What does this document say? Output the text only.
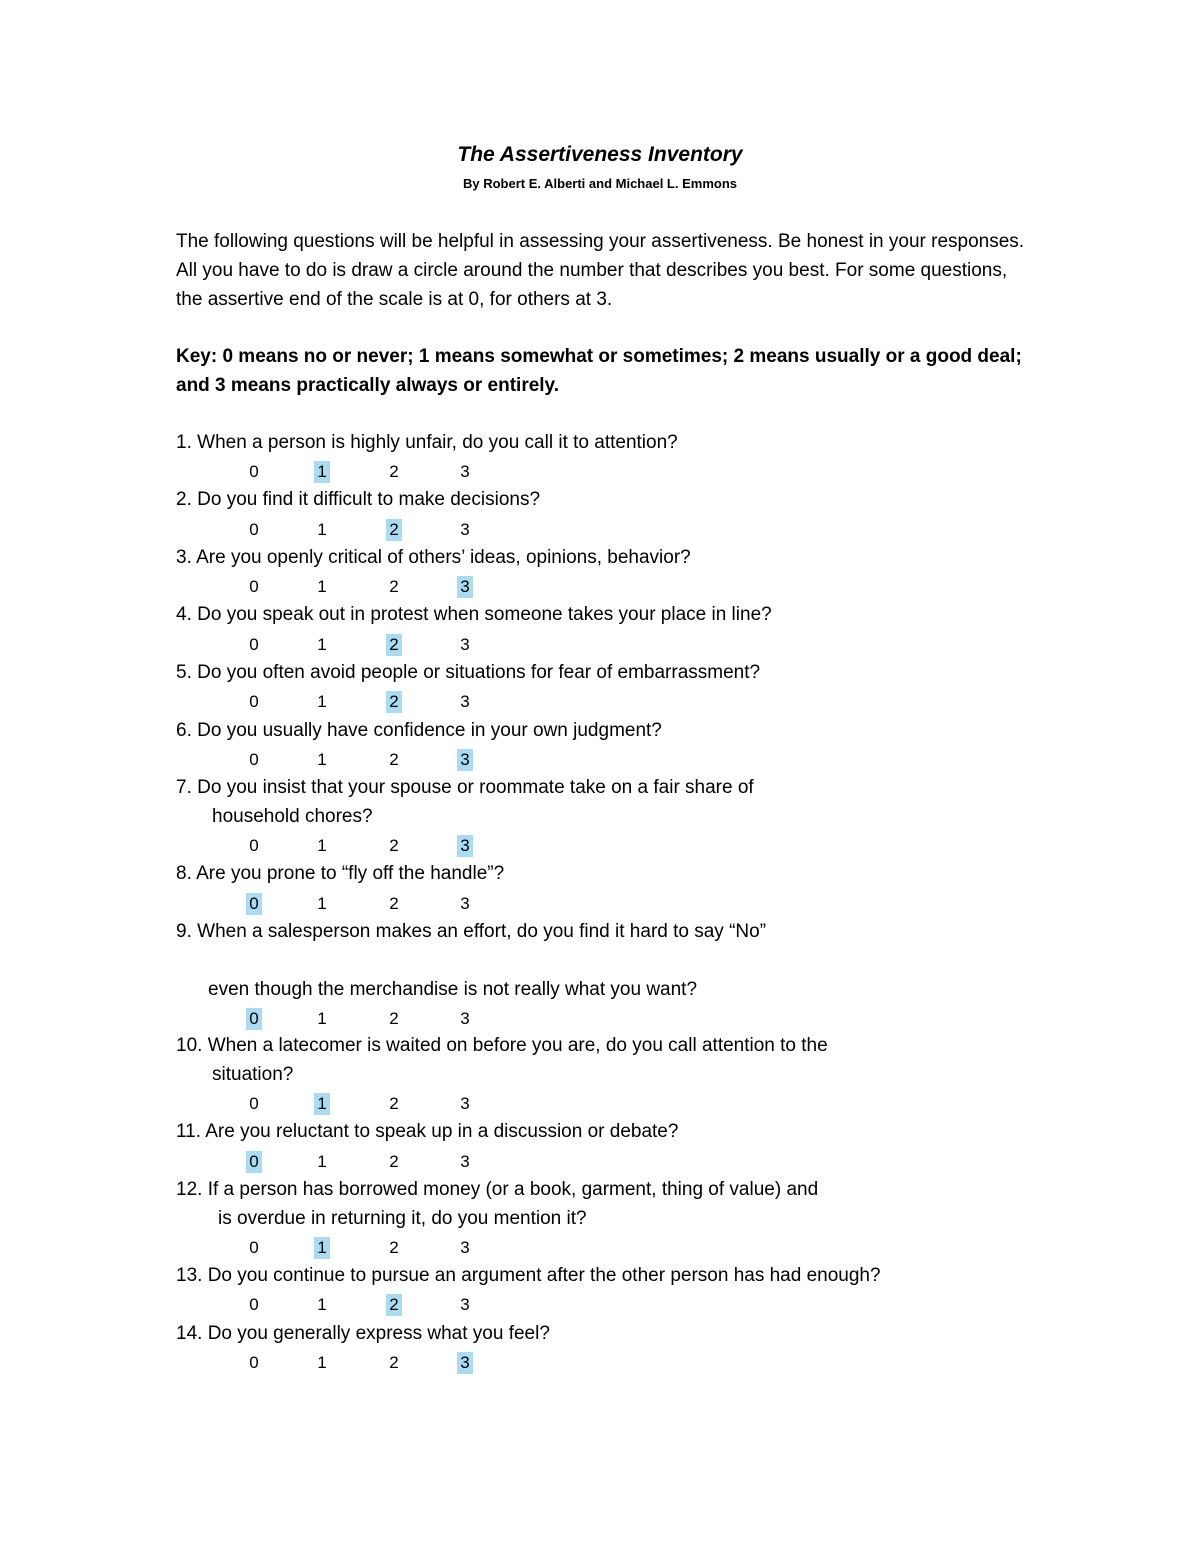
The Assertiveness Inventory
By Robert E. Alberti and Michael L. Emmons
The following questions will be helpful in assessing your assertiveness. Be honest in your responses. All you have to do is draw a circle around the number that describes you best. For some questions, the assertive end of the scale is at 0, for others at 3.
Key: 0 means no or never; 1 means somewhat or sometimes; 2 means usually or a good deal; and 3 means practically always or entirely.
1. When a person is highly unfair, do you call it to attention?
0	1	2	3
2. Do you find it difficult to make decisions?
0	1	2	3
3. Are you openly critical of others’ ideas, opinions, behavior?
0	1	2	3
4. Do you speak out in protest when someone takes your place in line?
0	1	2	3
5. Do you often avoid people or situations for fear of embarrassment?
0	1	2	3
6. Do you usually have confidence in your own judgment?
0	1	2	3
7. Do you insist that your spouse or roommate take on a fair share of
household chores?
0	1	2	3
8. Are you prone to “fly off the handle”?
0	1	2	3
9. When a salesperson makes an effort, do you find it hard to say “No”
even though the merchandise is not really what you want?
0	1	2	3
10. When a latecomer is waited on before you are, do you call attention to the
situation?
0	1	2	3
11. Are you reluctant to speak up in a discussion or debate?
0	1	2	3
12. If a person has borrowed money (or a book, garment, thing of value) and
is overdue in returning it, do you mention it?
0	1	2	3
13. Do you continue to pursue an argument after the other person has had enough?
0	1	2	3
14. Do you generally express what you feel?
0	1	2	3
